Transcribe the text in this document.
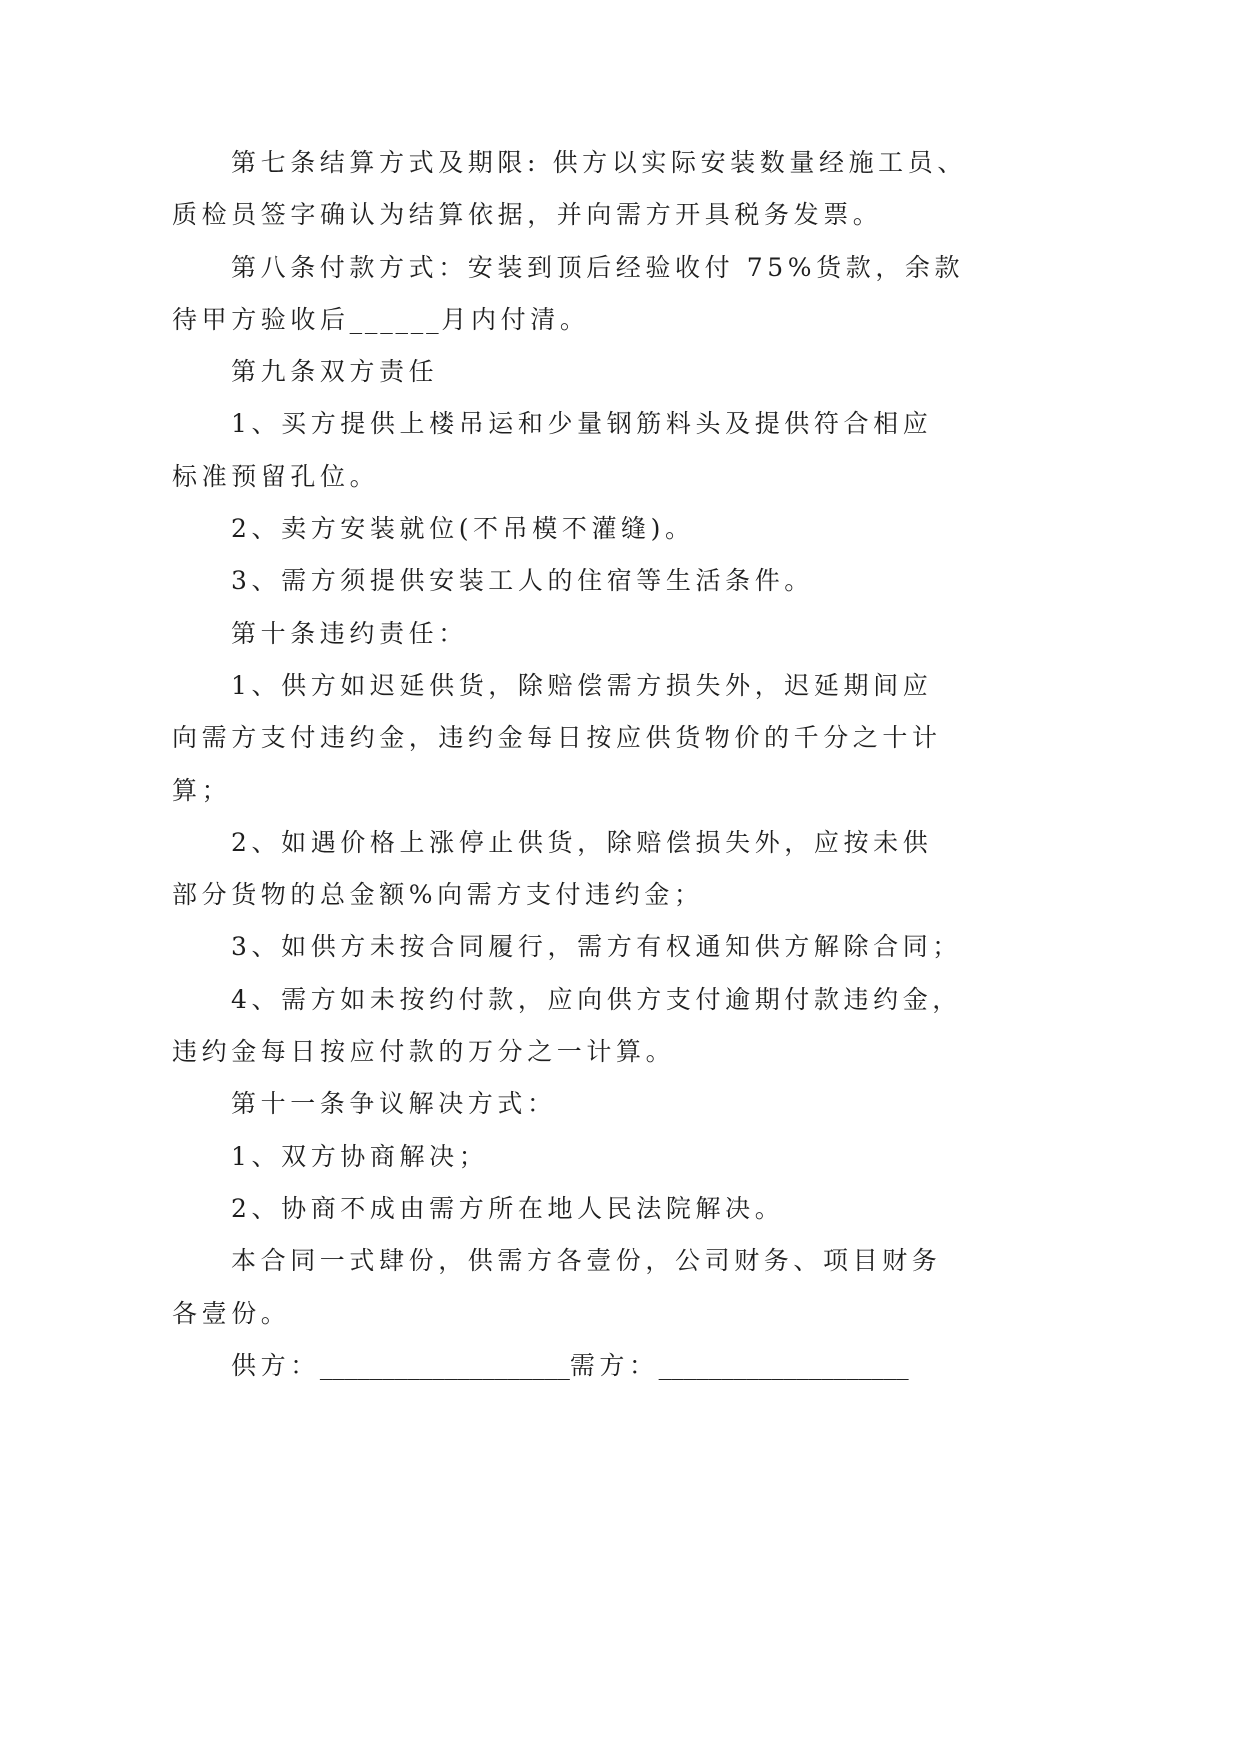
第七条结算方式及期限: 供方以实际安装数量经施工员、
质检员签字确认为结算依据，并向需方开具税务发票。
第八条付款方式：安装到顶后经验收付 75%货款，余款
待甲方验收后______月内付清。
第九条双方责任
1、买方提供上楼吊运和少量钢筋料头及提供符合相应
标准预留孔位。
2、卖方安装就位(不吊模不灌缝)。
3、需方须提供安装工人的住宿等生活条件。
第十条违约责任：
1、供方如迟延供货，除赔偿需方损失外，迟延期间应
向需方支付违约金，违约金每日按应供货物价的千分之十计
算；
2、如遇价格上涨停止供货，除赔偿损失外，应按未供
部分货物的总金额%向需方支付违约金；
3、如供方未按合同履行，需方有权通知供方解除合同；
4、需方如未按约付款，应向供方支付逾期付款违约金，
违约金每日按应付款的万分之一计算。
第十一条争议解决方式：
1、双方协商解决；
2、协商不成由需方所在地人民法院解决。
本合同一式肆份，供需方各壹份，公司财务、项目财务
各壹份。
供方：____________________需方：____________________
